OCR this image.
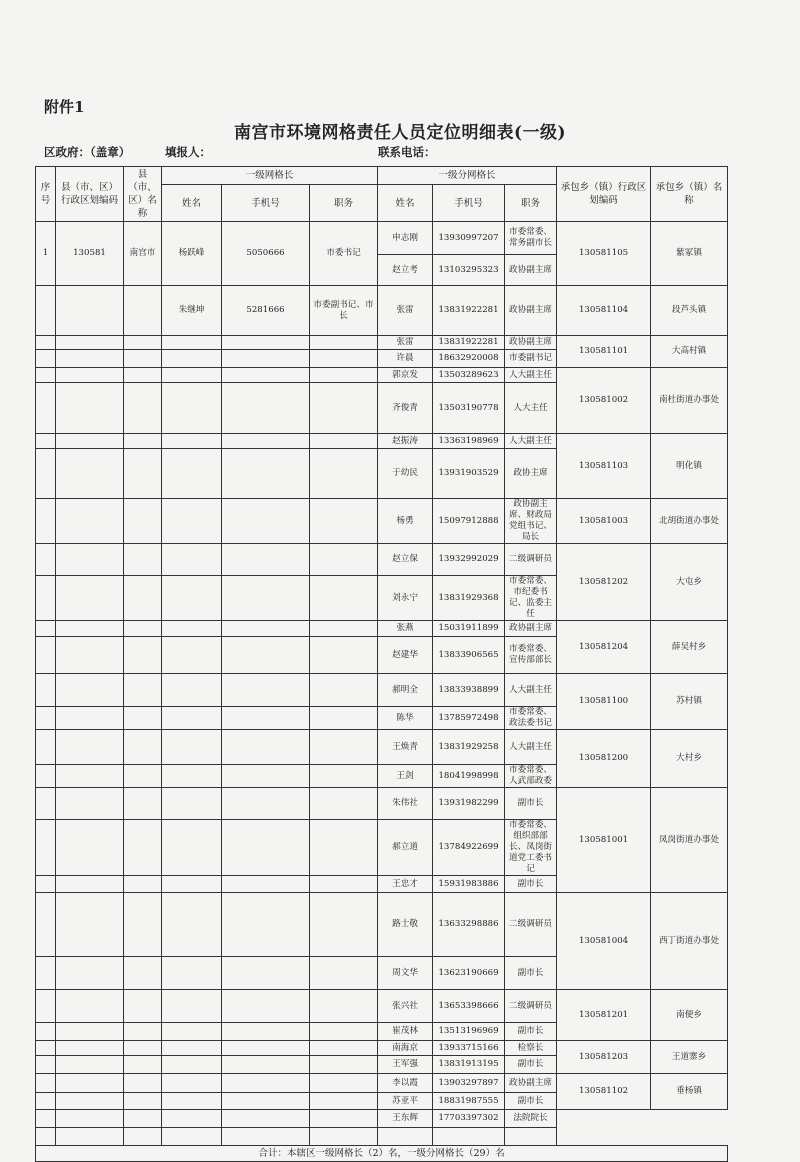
附件1
南宫市环境网格责任人员定位明细表(一级)
区政府：（盖章）	填报人：	联系电话：
序号	县（市、区）行政区划编码	县（市、区）名称	一级网格长			一级分网格长			承包乡（镇）行政区划编码	承包乡（镇）名称
			姓名	手机号	职务	姓名	手机号	职务		
1	130581	南宫市	杨跃峰	5050666	市委书记	申志刚	13930997207	市委常委、常务副市长	130581105	紫冢镇
						赵立考	13103295323	政协副主席		
			朱继坤	5281666	市委副书记、市长	张雷	13831922281	政协副主席	130581104	段芦头镇
						张雷	13831922281	政协副主席	130581101	大高村镇
						许晨	18632920008	市委副书记		
						郭京发	13503289623	人大副主任	130581002	南杜街道办事处
						齐俊青	13503190778	人大主任		
						赵振涛	13363198969	人大副主任	130581103	明化镇
						于幼民	13931903529	政协主席		
						杨勇	15097912888	政协副主席、财政局党组书记、局长	130581003	北胡街道办事处
						赵立保	13932992029	二级调研员	130581202	大屯乡
						刘永宁	13831929368	市委常委、市纪委书记、监委主任		
						张燕	15031911899	政协副主席	130581204	薛吴村乡
						赵建华	13833906565	市委常委、宣传部部长		
						郝明全	13833938899	人大副主任	130581100	苏村镇
						陈华	13785972498	市委常委、政法委书记		
						王焕青	13831929258	人大副主任	130581200	大村乡
						王剑	18041998998	市委常委、人武部政委		
						朱伟社	13931982299	副市长	130581001	凤岗街道办事处
						郝立道	13784922699	市委常委、组织部部长、凤岗街道党工委书记		
						王忠才	15931983886	副市长		
						路士敬	13633298886	二级调研员	130581004	西丁街道办事处
						周文华	13623190669	副市长		
						张兴社	13653398666	二级调研员	130581201	南便乡
						崔茂林	13513196969	副市长		
						南海京	13933715166	检察长	130581203	王道寨乡
						王军强	13831913195	副市长		
						李以霞	13903297897	政协副主席	130581102	垂杨镇
						苏亚平	18831987555	副市长		
						王东辉	17703397302	法院院长		

合计：本辖区一级网格长（2）名，一级分网格长（29）名										
